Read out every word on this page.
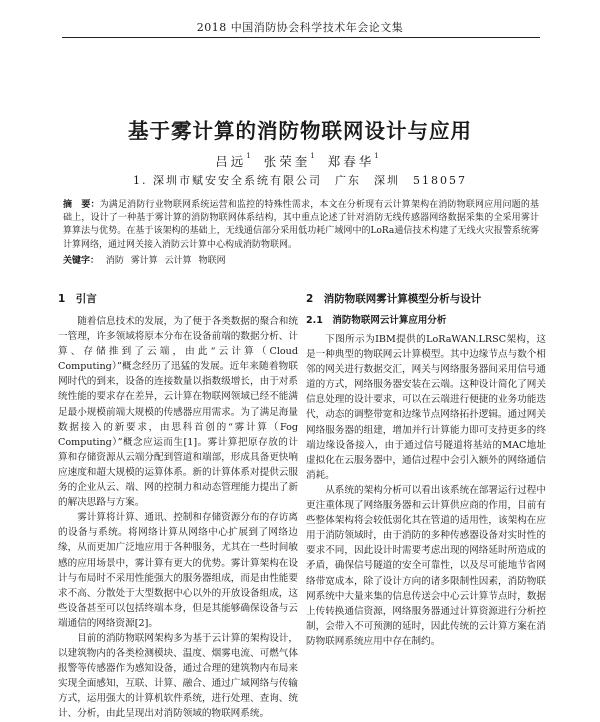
2018 中国消防协会科学技术年会论文集
基于雾计算的消防物联网设计与应用
吕远$^1$ 张荣奎$^1$ 郑春华$^1$
1. 深圳市赋安安全系统有限公司　广东　深圳　518057
摘　要：为满足消防行业物联网系统运营和监控的特殊性需求，本文在分析现有云计算架构在消防物联网应用问题的基础上，设计了一种基于雾计算的消防物联网体系结构，其中重点论述了针对消防无线传感器网络数据采集的全采用雾计算算法与优势。在基于该架构的基础上，无线通信部分采用低功耗广域网中的LoRa通信技术构建了无线火灾报警系统雾计算网络，通过网关接入消防云计算中心构成消防物联网。
关键字： 消防 雾计算 云计算 物联网
1　引言

随着信息技术的发展，为了便于各类数据的聚合和统一管理，许多领域将原本分布在设备前端的数据分析、计算、存储推到了云端，由此“云计算（Cloud Computing）”概念经历了迅猛的发展。近年来随着物联网时代的到来，设备的连接数量以指数级增长，由于对系统性能的要求存在差异，云计算在物联网领域已经不能满足最小规模前端大规模的传感器应用需求。为了满足海量数据接入的新要求，由思科首创的“雾计算（Fog Computing）”概念应运而生[1]。雾计算把原存放的计算和存储资源从云端分配到管道和端部，形成具备更快响应速度和超大规模的运算体系。新的计算体系对提供云服务的企业从云、端、网的控制力和动态管理能力提出了新的解决思路与方案。

雾计算将计算、通讯、控制和存储资源分布的存访离的设备与系统。将网络计算从网络中心扩展到了网络边缘，从而更加广泛地应用于各种服务，尤其在一些时间敏感的应用场景中，雾计算有更大的优势。雾计算架构在设计与布局时不采用性能强大的服务器组成，而是由性能要求不高、分散处于大型数据中心以外的开放设备组成，这些设备甚至可以包括终端本身，但是其能够确保设备与云端通信的网络资源[2]。

目前的消防物联网架构多为基于云计算的架构设计，以建筑物内的各类检测模块、温度、烟雾电流、可燃气体报警等传感器作为感知设备，通过合理的建筑物内布局来实现全面感知，互联、计算、融合、通过广域网络与传输方式，运用强大的计算机软件系统，进行处理、查询、统计、分析，由此呈现出对消防领域的物联网系统。

2　消防物联网雾计算模型分析与设计
2.1　消防物联网云计算应用分析

下图所示为IBM提供的LoRaWAN.LRSC架构，这是一种典型的物联网云计算模型。其中边缘节点与数个相邻的网关进行数据交汇，网关与网络服务器间采用信号通道的方式，网络服务器安装在云端。这种设计简化了网关信息处理的设计要求，可以在云端进行便捷的业务功能迭代，动态的调整带宽和边缘节点网络拓扑逻辑。通过网关网络服务器的组建，增加并行计算能力即可支持更多的终端边缘设备接入，由于通过信号隧道将基站的MAC地址虚拟化在云服务器中，通信过程中会引入额外的网络通信消耗。

从系统的架构分析可以看出该系统在部署运行过程中更注重体现了网络服务器和云计算供应商的作用，目前有些整体架构将会较低弱化其在管道的适用性，该架构在应用于消防领域时，由于消防的多种传感器设备对实时性的要求不同，因此设计时需要考虑出现的网络延时所造成的矛盾，确保信号隧道的安全可靠性，以及尽可能地节省网络带宽成本，除了设计方向的诸多限制性因素，消防物联网系统中大量来集的信息传送会中心云计算节点时，数据上传转换通信资源，网络服务器通过计算资源进行分析控制，会带入不可预测的延时，因此传统的云计算方案在消防物联网系统应用中存在制约。
